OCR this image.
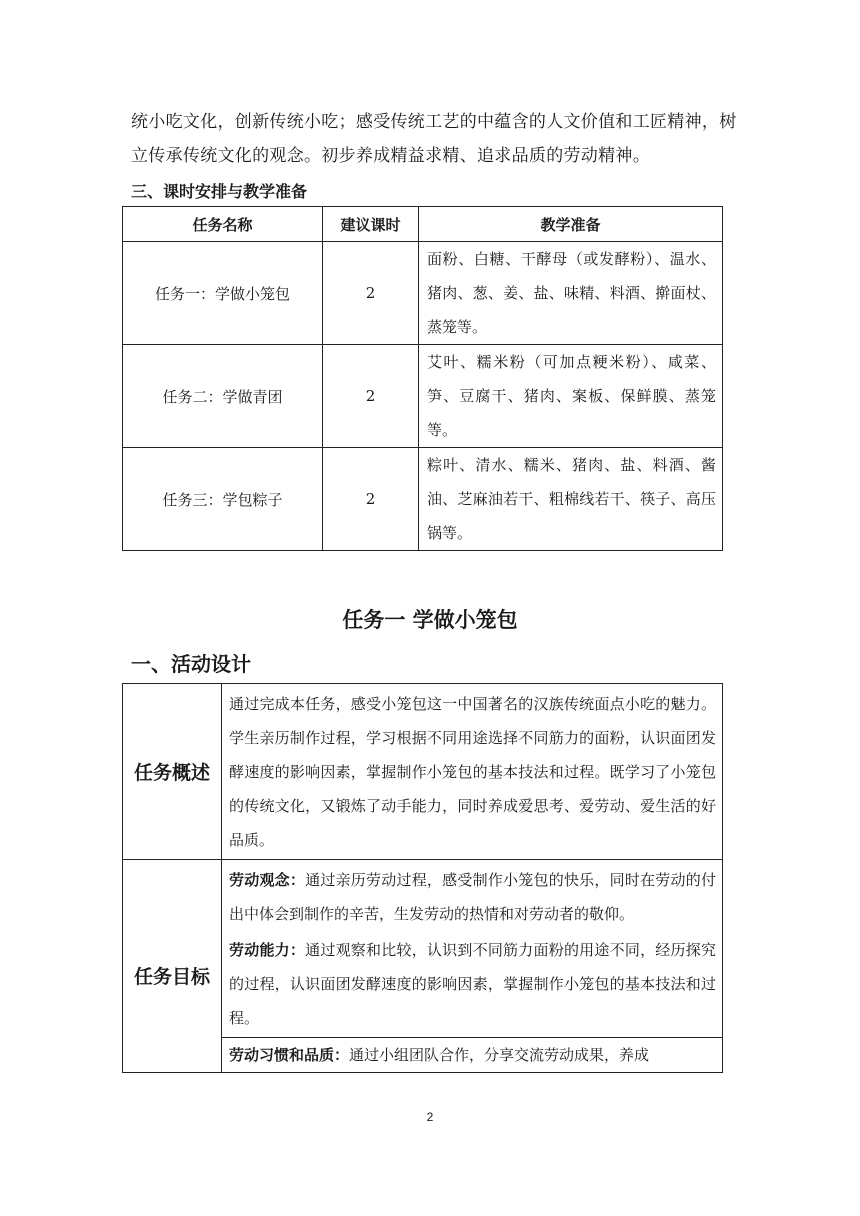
统小吃文化，创新传统小吃；感受传统工艺的中蕴含的人文价值和工匠精神，树
立传承传统文化的观念。初步养成精益求精、追求品质的劳动精神。
三、课时安排与教学准备
任务名称	建议课时	教学准备
任务一：学做小笼包	2	面粉、白糖、干酵母（或发酵粉）、温水、猪肉、葱、姜、盐、味精、料酒、擀面杖、蒸笼等。
任务二：学做青团	2	艾叶、糯米粉（可加点粳米粉）、咸菜、笋、豆腐干、猪肉、案板、保鲜膜、蒸笼等。
任务三：学包粽子	2	粽叶、清水、糯米、猪肉、盐、料酒、酱油、芝麻油若干、粗棉线若干、筷子、高压锅等。
任务一 学做小笼包
一、活动设计
任务概述	通过完成本任务，感受小笼包这一中国著名的汉族传统面点小吃的魅力。学生亲历制作过程，学习根据不同用途选择不同筋力的面粉，认识面团发酵速度的影响因素，掌握制作小笼包的基本技法和过程。既学习了小笼包的传统文化，又锻炼了动手能力，同时养成爱思考、爱劳动、爱生活的好品质。
任务目标	劳动观念：通过亲历劳动过程，感受制作小笼包的快乐，同时在劳动的付出中体会到制作的辛苦，生发劳动的热情和对劳动者的敬仰。
劳动能力：通过观察和比较，认识到不同筋力面粉的用途不同，经历探究的过程，认识面团发酵速度的影响因素，掌握制作小笼包的基本技法和过程。
劳动习惯和品质：通过小组团队合作，分享交流劳动成果，养成
2
